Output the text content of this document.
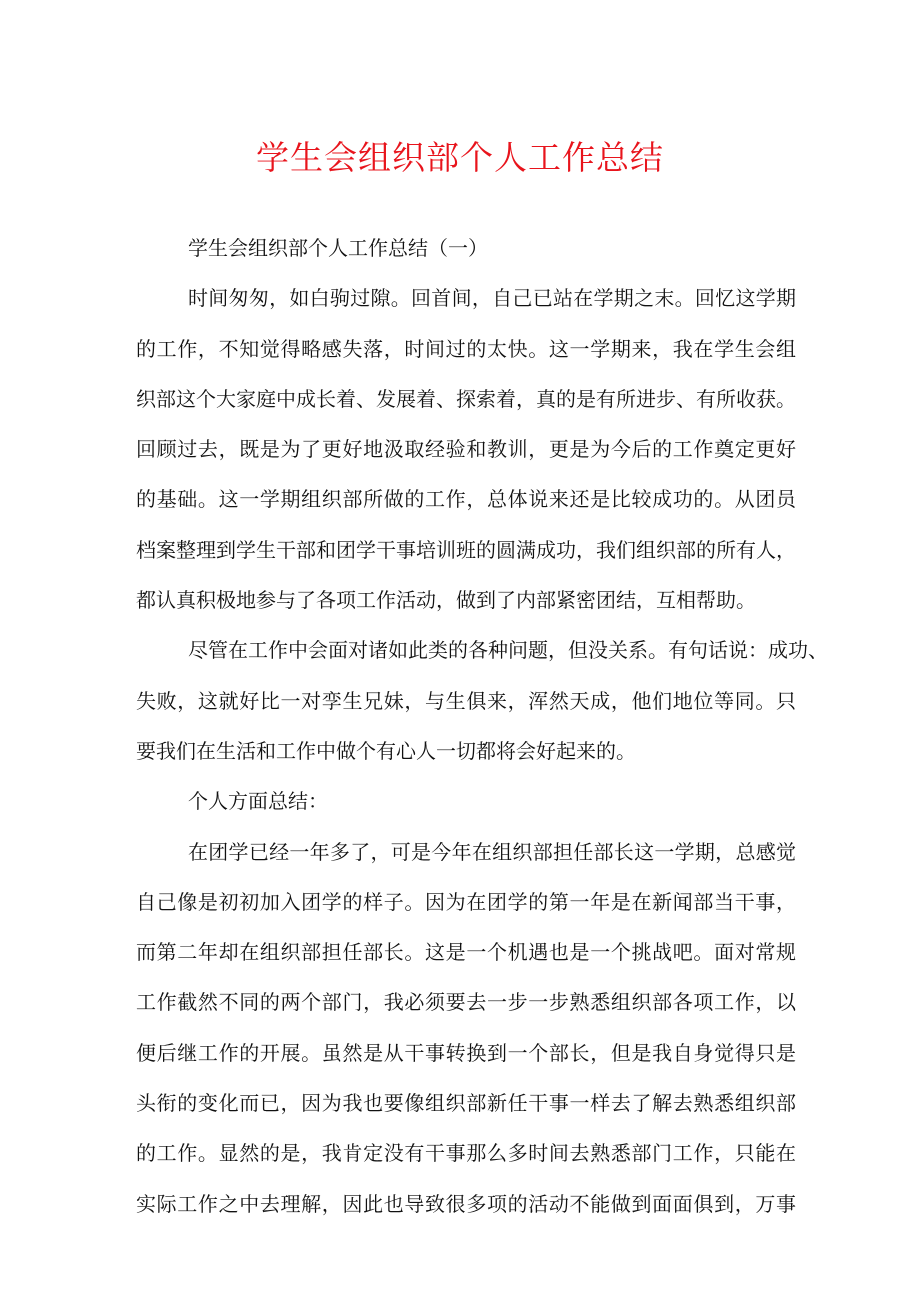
学生会组织部个人工作总结
学生会组织部个人工作总结（一）
时间匆匆，如白驹过隙。回首间，自己已站在学期之末。回忆这学期
的工作，不知觉得略感失落，时间过的太快。这一学期来，我在学生会组
织部这个大家庭中成长着、发展着、探索着，真的是有所进步、有所收获。
回顾过去，既是为了更好地汲取经验和教训，更是为今后的工作奠定更好
的基础。这一学期组织部所做的工作，总体说来还是比较成功的。从团员
档案整理到学生干部和团学干事培训班的圆满成功，我们组织部的所有人，
都认真积极地参与了各项工作活动，做到了内部紧密团结，互相帮助。
尽管在工作中会面对诸如此类的各种问题，但没关系。有句话说：成功、
失败，这就好比一对孪生兄妹，与生俱来，浑然天成，他们地位等同。只
要我们在生活和工作中做个有心人一切都将会好起来的。
个人方面总结：
在团学已经一年多了，可是今年在组织部担任部长这一学期，总感觉
自己像是初初加入团学的样子。因为在团学的第一年是在新闻部当干事，
而第二年却在组织部担任部长。这是一个机遇也是一个挑战吧。面对常规
工作截然不同的两个部门，我必须要去一步一步熟悉组织部各项工作，以
便后继工作的开展。虽然是从干事转换到一个部长，但是我自身觉得只是
头衔的变化而已，因为我也要像组织部新任干事一样去了解去熟悉组织部
的工作。显然的是，我肯定没有干事那么多时间去熟悉部门工作，只能在
实际工作之中去理解，因此也导致很多项的活动不能做到面面俱到，万事
